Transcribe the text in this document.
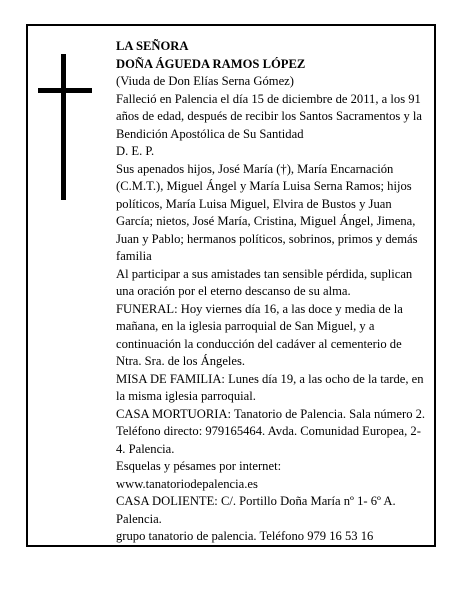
LA SEÑORA

DOÑA ÁGUEDA RAMOS LÓPEZ

(Viuda de Don Elías Serna Gómez)

Falleció en Palencia el día 15 de diciembre de 2011, a los 91 años de edad, después de recibir los Santos Sacramentos y la Bendición Apostólica de Su Santidad

D. E. P.

Sus apenados hijos, José María (†), María Encarnación (C.M.T.), Miguel Ángel y María Luisa Serna Ramos; hijos políticos, María Luisa Miguel, Elvira de Bustos y Juan García; nietos, José María, Cristina, Miguel Ángel, Jimena, Juan y Pablo; hermanos políticos, sobrinos, primos y demás familia

Al participar a sus amistades tan sensible pérdida, suplican una oración por el eterno descanso de su alma.

FUNERAL: Hoy viernes día 16, a las doce y media de la mañana, en la iglesia parroquial de San Miguel, y a continuación la conducción del cadáver al cementerio de Ntra. Sra. de los Ángeles.

MISA DE FAMILIA: Lunes día 19, a las ocho de la tarde, en la misma iglesia parroquial.

CASA MORTUORIA: Tanatorio de Palencia. Sala número 2. Teléfono directo: 979165464. Avda. Comunidad Europea, 2-4. Palencia.

Esquelas y pésames por internet:

www.tanatoriodepalencia.es

CASA DOLIENTE: C/. Portillo Doña María nº 1- 6º A. Palencia.

grupo tanatorio de palencia. Teléfono 979 16 53 16
